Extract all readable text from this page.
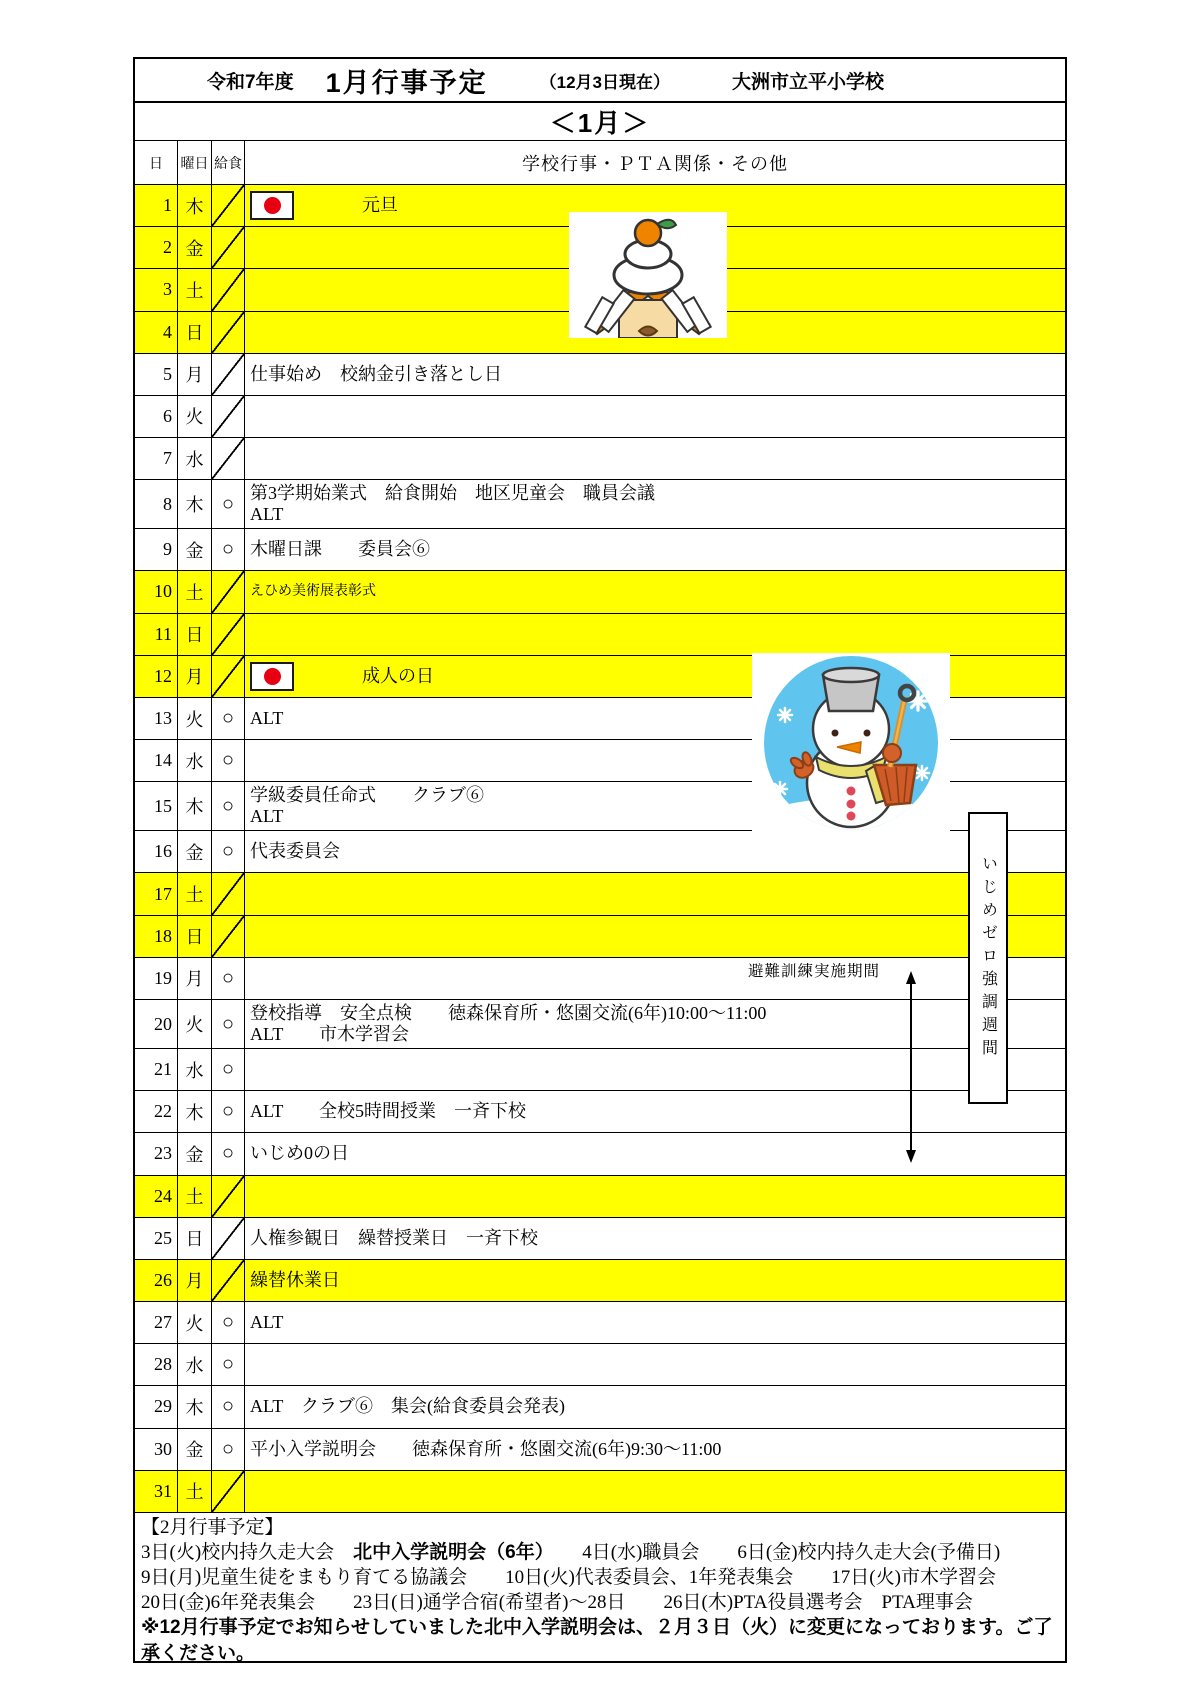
令和7年度 1月行事予定	（12月3日現在）	大洲市立平小学校
＜1月＞
日	曜日 給食	学校行事・ＰＴＡ関係・その他
1 木	元旦
2 金
3 土
4 日
5 月	仕事始め　校納金引き落とし日
6 火
7 水
8 木 ○ 第3学期始業式　給食開始　地区児童会　職員会議
ALT
9 金 ○ 木曜日課　　委員会⑥
10 土	えひめ美術展表彰式
11 日
12 月	成人の日
13 火 ○ ALT
14 水 ○
15 木 ○ 学級委員任命式　　クラブ⑥
ALT
16 金 ○ 代表委員会
17 土
18 日
19 月 ○
20 火 ○ 登校指導　安全点検　　徳森保育所・悠園交流(6年)10:00～11:00
ALT　　市木学習会
21 水 ○
22 木 ○ ALT　　全校5時間授業　一斉下校
23 金 ○ いじめ0の日
24 土
25 日	人権参観日　繰替授業日　一斉下校
26 月	繰替休業日
27 火 ○ ALT
28 水 ○
29 木 ○ ALT　クラブ⑥　集会(給食委員会発表)
30 金 ○ 平小入学説明会　　徳森保育所・悠園交流(6年)9:30～11:00
31 土
【2月行事予定】
3日(火)校内持久走大会　北中入学説明会（6年）　　4日(水)職員会　　6日(金)校内持久走大会(予備日)
9日(月)児童生徒をまもり育てる協議会　　10日(火)代表委員会、1年発表集会　　17日(火)市木学習会
20日(金)6年発表集会　　23日(日)通学合宿(希望者)～28日　　26日(木)PTA役員選考会　PTA理事会
※12月行事予定でお知らせしていました北中入学説明会は、２月３日（火）に変更になっております。ご了承ください。
いじめゼロ強調週間
避難訓練実施期間
